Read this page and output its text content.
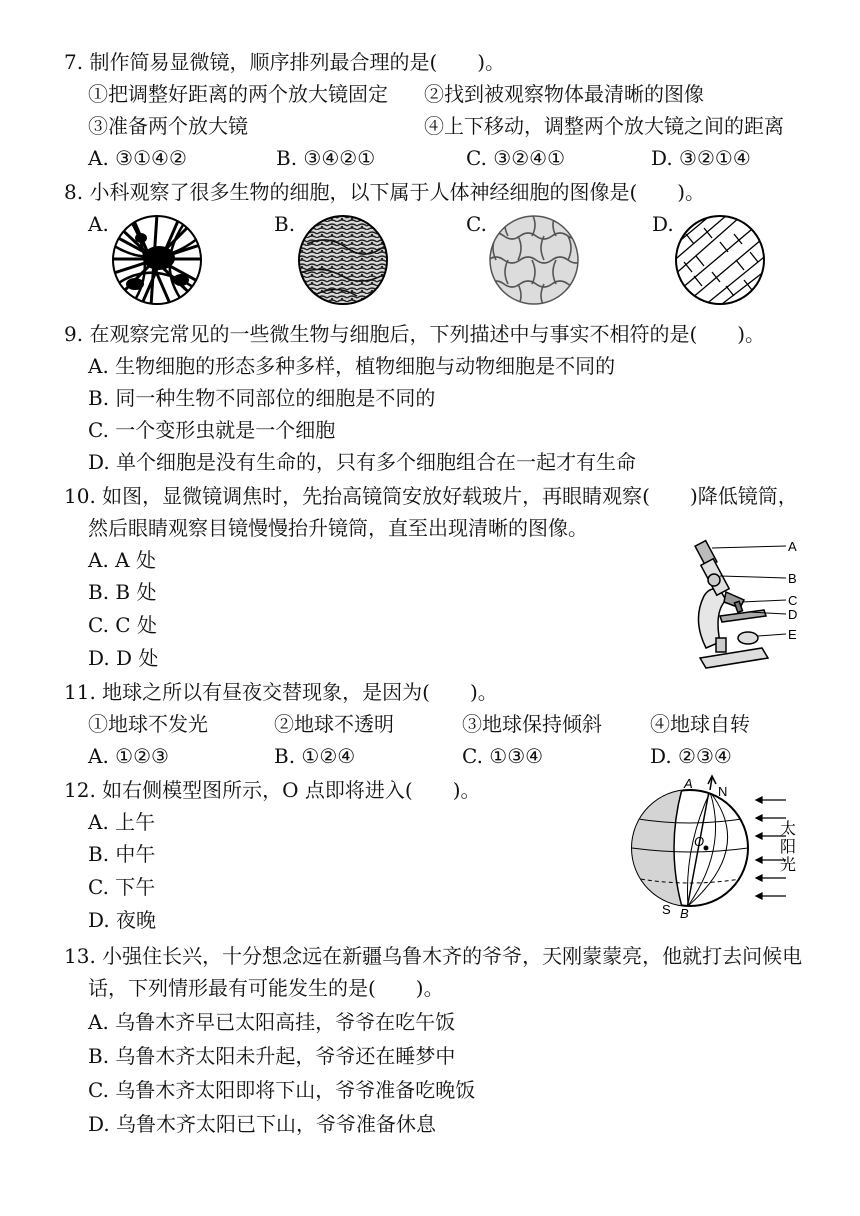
7. 制作简易显微镜，顺序排列最合理的是(　　)。
①把调整好距离的两个放大镜固定 ②找到被观察物体最清晰的图像
③准备两个放大镜	④上下移动，调整两个放大镜之间的距离
A. ③①④②	B. ③④②①	C. ③②④①	D. ③②①④
8. 小科观察了很多生物的细胞，以下属于人体神经细胞的图像是(　　)。
A.	B.	C.	D.
9. 在观察完常见的一些微生物与细胞后，下列描述中与事实不相符的是(　　)。
A. 生物细胞的形态多种多样，植物细胞与动物细胞是不同的
B. 同一种生物不同部位的细胞是不同的
C. 一个变形虫就是一个细胞
D. 单个细胞是没有生命的，只有多个细胞组合在一起才有生命
10. 如图，显微镜调焦时，先抬高镜筒安放好载玻片，再眼睛观察(　　)降低镜筒，
然后眼睛观察目镜慢慢抬升镜筒，直至出现清晰的图像。
A. A 处
B. B 处
C. C 处
D. D 处
A
B
C
D
E
11. 地球之所以有昼夜交替现象，是因为(　　)。
①地球不发光	②地球不透明	③地球保持倾斜 ④地球自转
A. ①②③	B. ①②④	C. ①③④	D. ②③④
12. 如右侧模型图所示，O 点即将进入(　　)。
A. 上午
B. 中午
C. 下午
D. 夜晚
A
N
O
S B
太
阳
光
13. 小强住长兴，十分想念远在新疆乌鲁木齐的爷爷，天刚蒙蒙亮，他就打去问候电
话，下列情形最有可能发生的是(　　)。
A. 乌鲁木齐早已太阳高挂，爷爷在吃午饭
B. 乌鲁木齐太阳未升起，爷爷还在睡梦中
C. 乌鲁木齐太阳即将下山，爷爷准备吃晚饭
D. 乌鲁木齐太阳已下山，爷爷准备休息
